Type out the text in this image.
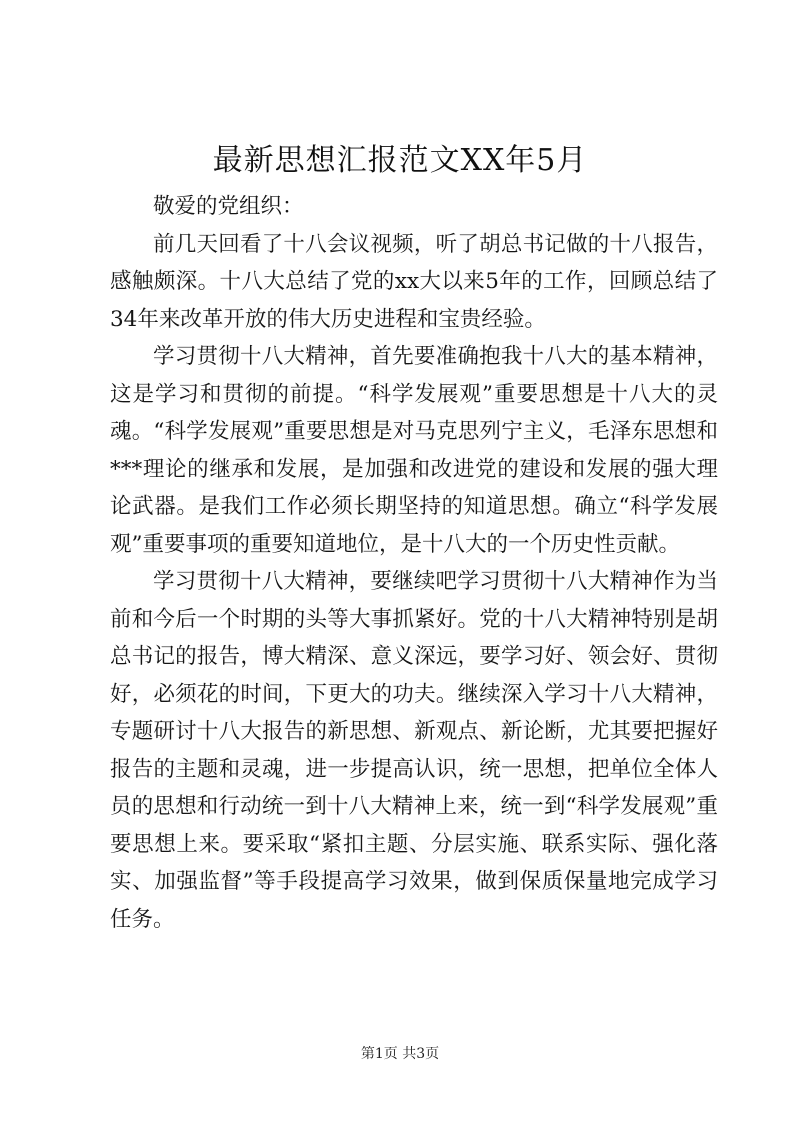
最新思想汇报范文XX年5月

敬爱的党组织：

前几天回看了十八会议视频，听了胡总书记做的十八报告，感触颇深。十八大总结了党的xx大以来5年的工作，回顾总结了34年来改革开放的伟大历史进程和宝贵经验。

学习贯彻十八大精神，首先要准确抱我十八大的基本精神，这是学习和贯彻的前提。“科学发展观”重要思想是十八大的灵魂。“科学发展观”重要思想是对马克思列宁主义，毛泽东思想和***理论的继承和发展，是加强和改进党的建设和发展的强大理论武器。是我们工作必须长期坚持的知道思想。确立“科学发展观”重要事项的重要知道地位，是十八大的一个历史性贡献。

学习贯彻十八大精神，要继续吧学习贯彻十八大精神作为当前和今后一个时期的头等大事抓紧好。党的十八大精神特别是胡总书记的报告，博大精深、意义深远，要学习好、领会好、贯彻好，必须花的时间，下更大的功夫。继续深入学习十八大精神，专题研讨十八大报告的新思想、新观点、新论断，尤其要把握好报告的主题和灵魂，进一步提高认识，统一思想，把单位全体人员的思想和行动统一到十八大精神上来，统一到“科学发展观”重要思想上来。要采取“紧扣主题、分层实施、联系实际、强化落实、加强监督”等手段提高学习效果，做到保质保量地完成学习任务。

第1页 共3页
